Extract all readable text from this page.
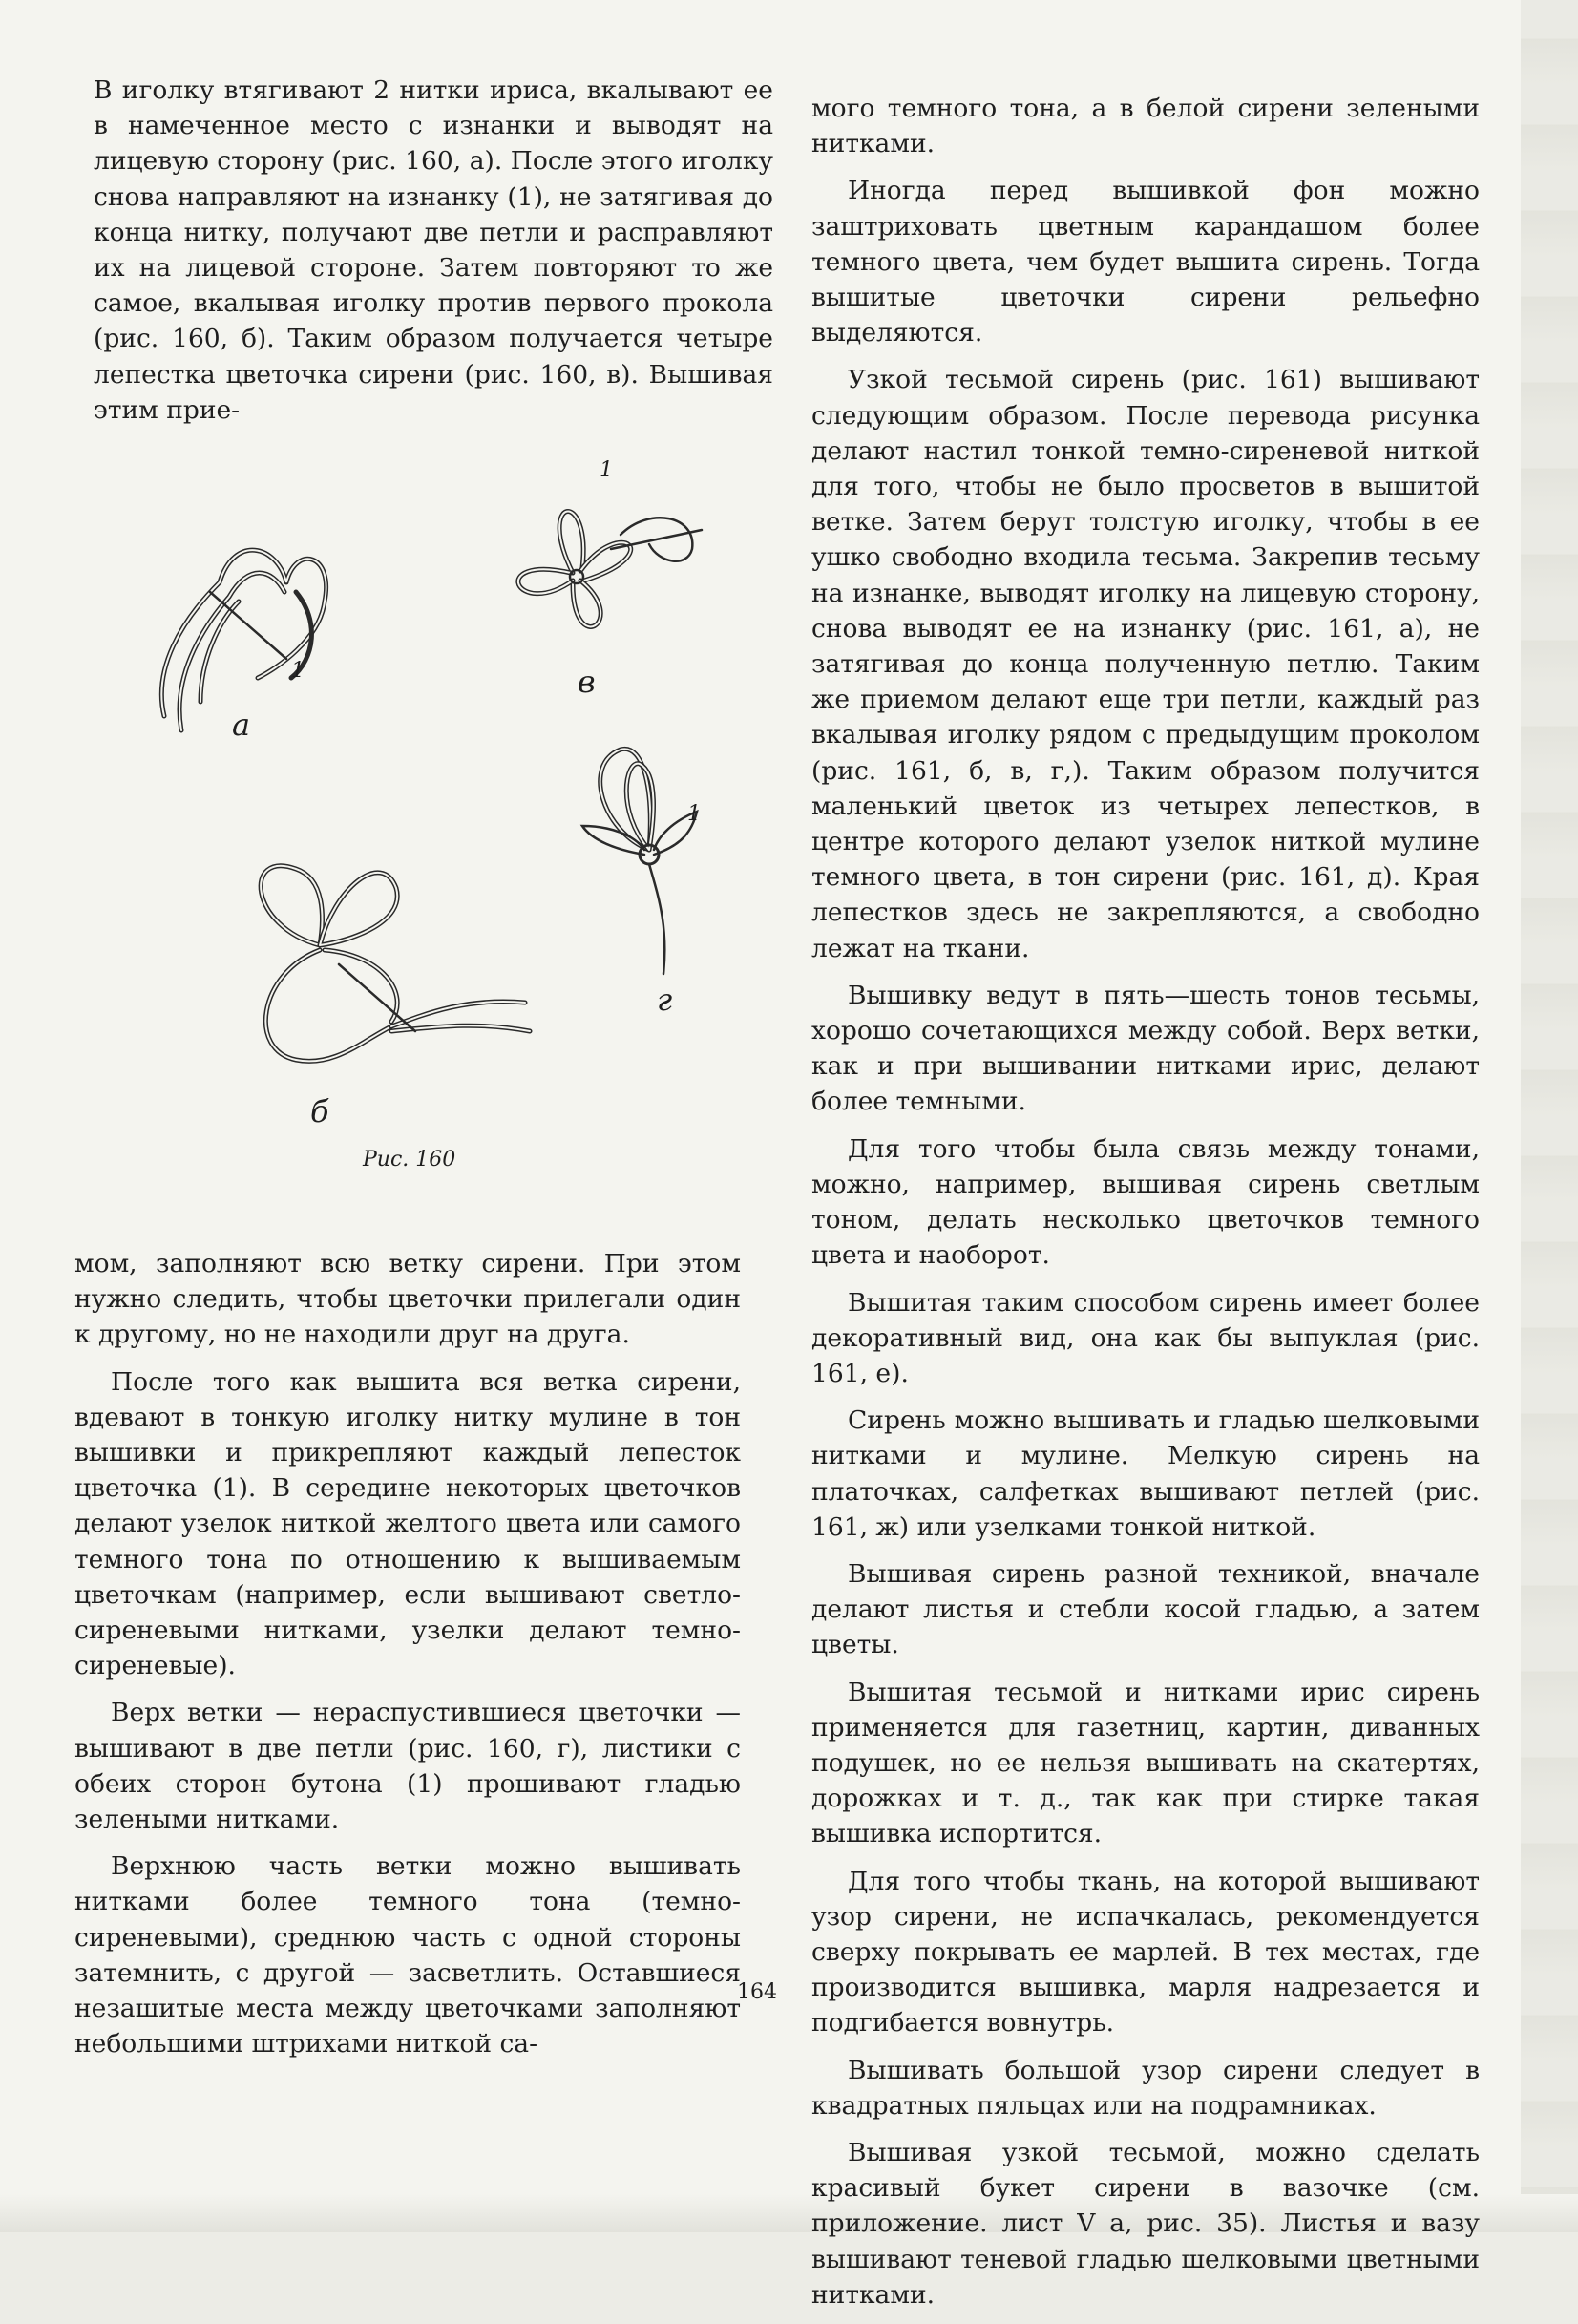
В иголку втягивают 2 нитки ириса, вкалывают ее в намеченное место с изнанки и выводят на лицевую сторону (рис. 160, а). После этого иголку снова направляют на изнанку (1), не затягивая до конца нитку, получают две петли и расправляют их на лицевой стороне. Затем повторяют то же самое, вкалывая иголку против первого прокола (рис. 160, б). Таким образом получается четыре лепестка цветочка сирени (рис. 160, в). Вышивая этим прие-

1
а
1
в
б
1
г
Рис. 160

мом, заполняют всю ветку сирени. При этом нужно следить, чтобы цветочки прилегали один к другому, но не находили друг на друга.

После того как вышита вся ветка сирени, вдевают в тонкую иголку нитку мулине в тон вышивки и прикрепляют каждый лепесток цветочка (1). В середине некоторых цветочков делают узелок ниткой желтого цвета или самого темного тона по отношению к вышиваемым цветочкам (например, если вышивают светло-сиреневыми нитками, узелки делают темно-сиреневые).

Верх ветки — нераспустившиеся цветочки — вышивают в две петли (рис. 160, г), листики с обеих сторон бутона (1) прошивают гладью зелеными нитками.

Верхнюю часть ветки можно вышивать нитками более темного тона (темно-сиреневыми), среднюю часть с одной стороны затемнить, с другой — засветлить. Оставшиеся незашитые места между цветочками заполняют небольшими штрихами ниткой са-

мого темного тона, а в белой сирени зелеными нитками.

Иногда перед вышивкой фон можно заштриховать цветным карандашом более темного цвета, чем будет вышита сирень. Тогда вышитые цветочки сирени рельефно выделяются.

Узкой тесьмой сирень (рис. 161) вышивают следующим образом. После перевода рисунка делают настил тонкой темно-сиреневой ниткой для того, чтобы не было просветов в вышитой ветке. Затем берут толстую иголку, чтобы в ее ушко свободно входила тесьма. Закрепив тесьму на изнанке, выводят иголку на лицевую сторону, снова выводят ее на изнанку (рис. 161, а), не затягивая до конца полученную петлю. Таким же приемом делают еще три петли, каждый раз вкалывая иголку рядом с предыдущим проколом (рис. 161, б, в, г,). Таким образом получится маленький цветок из четырех лепестков, в центре которого делают узелок ниткой мулине темного цвета, в тон сирени (рис. 161, д). Края лепестков здесь не закрепляются, а свободно лежат на ткани.

Вышивку ведут в пять—шесть тонов тесьмы, хорошо сочетающихся между собой. Верх ветки, как и при вышивании нитками ирис, делают более темными.

Для того чтобы была связь между тонами, можно, например, вышивая сирень светлым тоном, делать несколько цветочков темного цвета и наоборот.

Вышитая таким способом сирень имеет более декоративный вид, она как бы выпуклая (рис. 161, е).

Сирень можно вышивать и гладью шелковыми нитками и мулине. Мелкую сирень на платочках, салфетках вышивают петлей (рис. 161, ж) или узелками тонкой ниткой.

Вышивая сирень разной техникой, вначале делают листья и стебли косой гладью, а затем цветы.

Вышитая тесьмой и нитками ирис сирень применяется для газетниц, картин, диванных подушек, но ее нельзя вышивать на скатертях, дорожках и т. д., так как при стирке такая вышивка испортится.

Для того чтобы ткань, на которой вышивают узор сирени, не испачкалась, рекомендуется сверху покрывать ее марлей. В тех местах, где производится вышивка, марля надрезается и подгибается вовнутрь.

Вышивать большой узор сирени следует в квадратных пяльцах или на подрамниках.

Вышивая узкой тесьмой, можно сделать красивый букет сирени в вазочке (см. приложение. лист V а, рис. 35). Листья и вазу вышивают теневой гладью шелковыми цветными нитками.

164
